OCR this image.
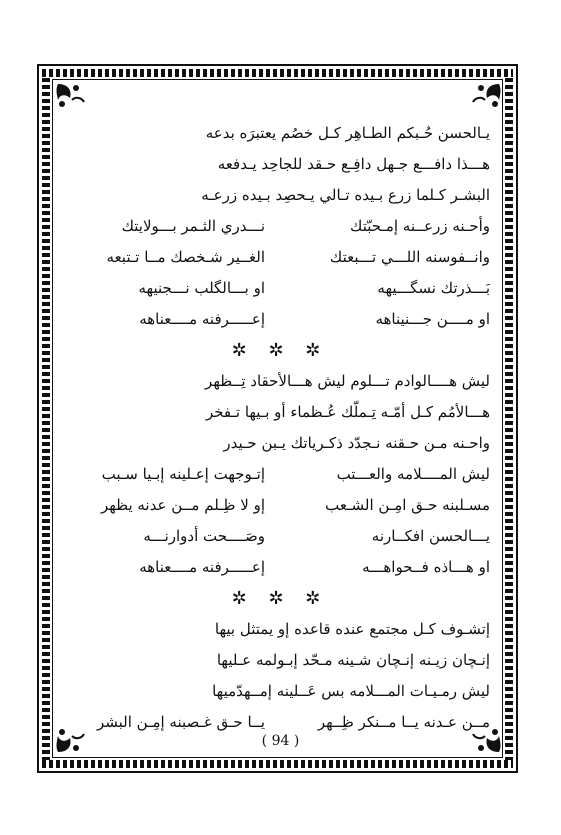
يـالحسن حُـبكم الطـاهِر كـل خصُم يعتبرَه بدعه
هـــذا دافـــع جـهل دافِـع حـقد للجاحِد يـدفعه
البشـر كـلما زرع بـيده تـالي يـحصِد بـيده زرعـه
وأحـنه زرعــنه إمـحبّتك
نـــدري الثـمر بـــولايتك
وانــفوسنه اللـــي تـــبعتك
الغــير شـخصك مــا تـتبعه
بَـــذرتك نسگـــيهه
او بـــالگلب نـــجنيهه
او مــــن جـــنيناهه
إعـــــرفنه مــــعناهه
✲ ✲ ✲
ليش هــــالوادم تـــلوم ليش هـــالأحقاد تِــظهر
هـــالأمُم كـل أمّـه تِـملّك عُـظماء أو بـيها تـفخر
واحـنه مـن حـقنه نـجدّد ذكـرياتك يـبن حـيدر
ليش المــــلامه والعـــتب
إتـوجهت إعـلينه إبـيا سـبب
مسـلبنه حـق امِـن الشـعب
إو لا ظِـلم مــن عدنه يظهر
يـــالحسن افكــارنه
وصَــــحت أدوارنـــه
او هـــاذه فــحواهـــه
إعـــــرفنه مــــعناهه
✲ ✲ ✲
إتشـوف كـل مجتمع عنده قاعده إو يمتثل بيها
إنـچان زيـنه إنـچان شـينه مـحّد إبـولمه عـليها
ليش رمـيـات المـــلامه بس عَــلينه إمــهدّميها
مــن عـدنه يــا مــنكر ظِــهر
يــا حـق غـصبنه إمِـن البشر
( 94 )
